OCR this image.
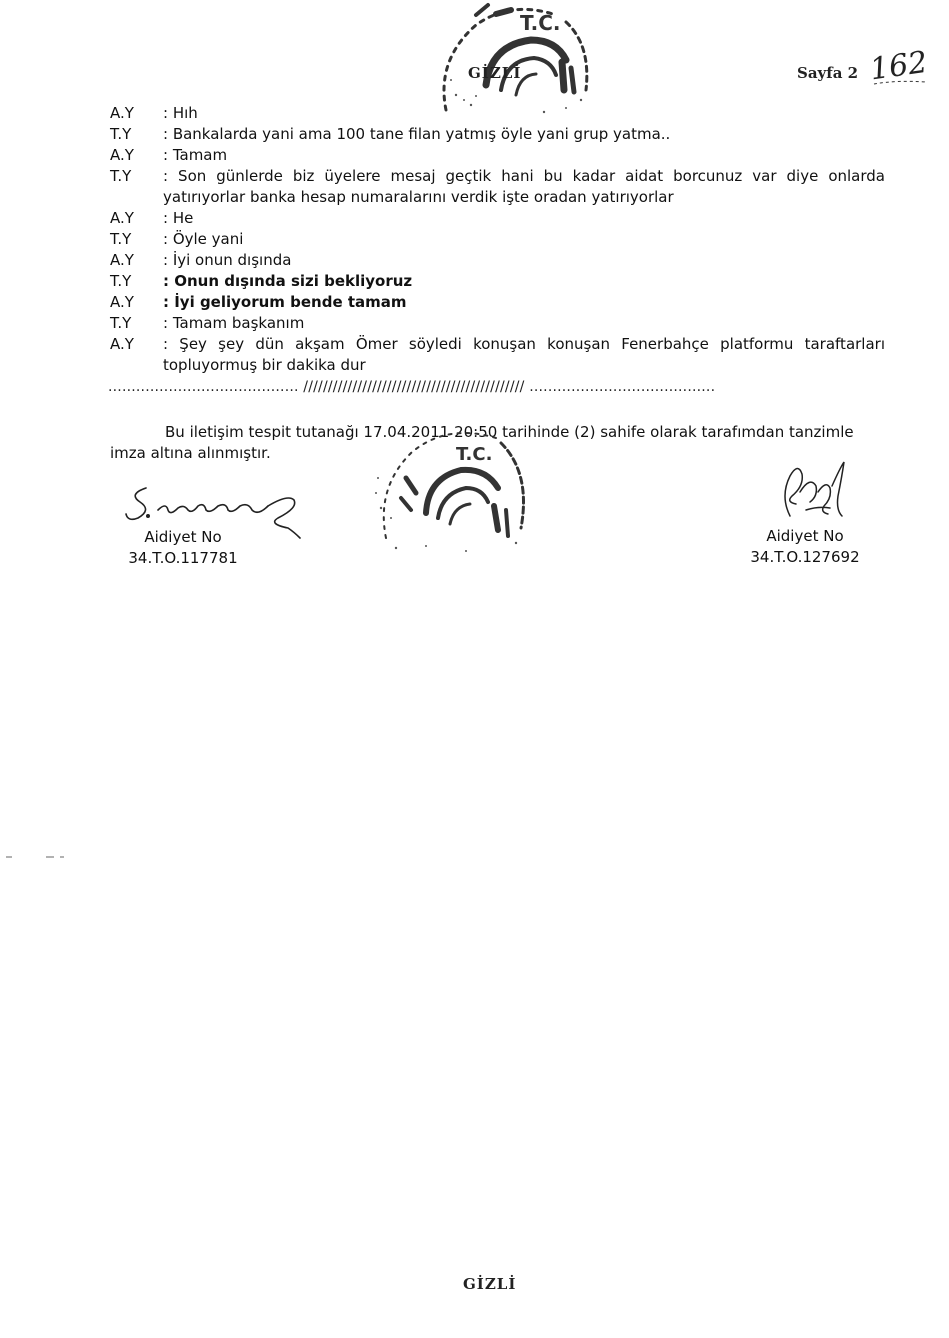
T.C.
GİZLİ	Sayfa 2 162
A.Y	: Hıh
T.Y	: Bankalarda yani ama 100 tane filan yatmış öyle yani grup yatma..
A.Y	: Tamam
T.Y	: Son günlerde biz üyelere mesaj geçtik hani bu kadar aidat borcunuz var diye onlarda yatırıyorlar banka hesap numaralarını verdik işte oradan yatırıyorlar
A.Y	: He
T.Y	: Öyle yani
A.Y	: İyi onun dışında
T.Y	: Onun dışında sizi bekliyoruz
A.Y	: İyi geliyorum bende tamam
T.Y	: Tamam başkanım
A.Y	: Şey şey dün akşam Ömer söyledi konuşan konuşan Fenerbahçe platformu taraftarları topluyormuş bir dakika dur
......................................... ///////////////////////////////////////////// ........................................
Bu iletişim tespit tutanağı 17.04.2011 20:50 tarihinde (2) sahife olarak tarafımdan tanzimle
imza altına alınmıştır.	T.C.
Aidiyet No
34.T.O.117781
Aidiyet No
34.T.O.127692
GİZLİ
